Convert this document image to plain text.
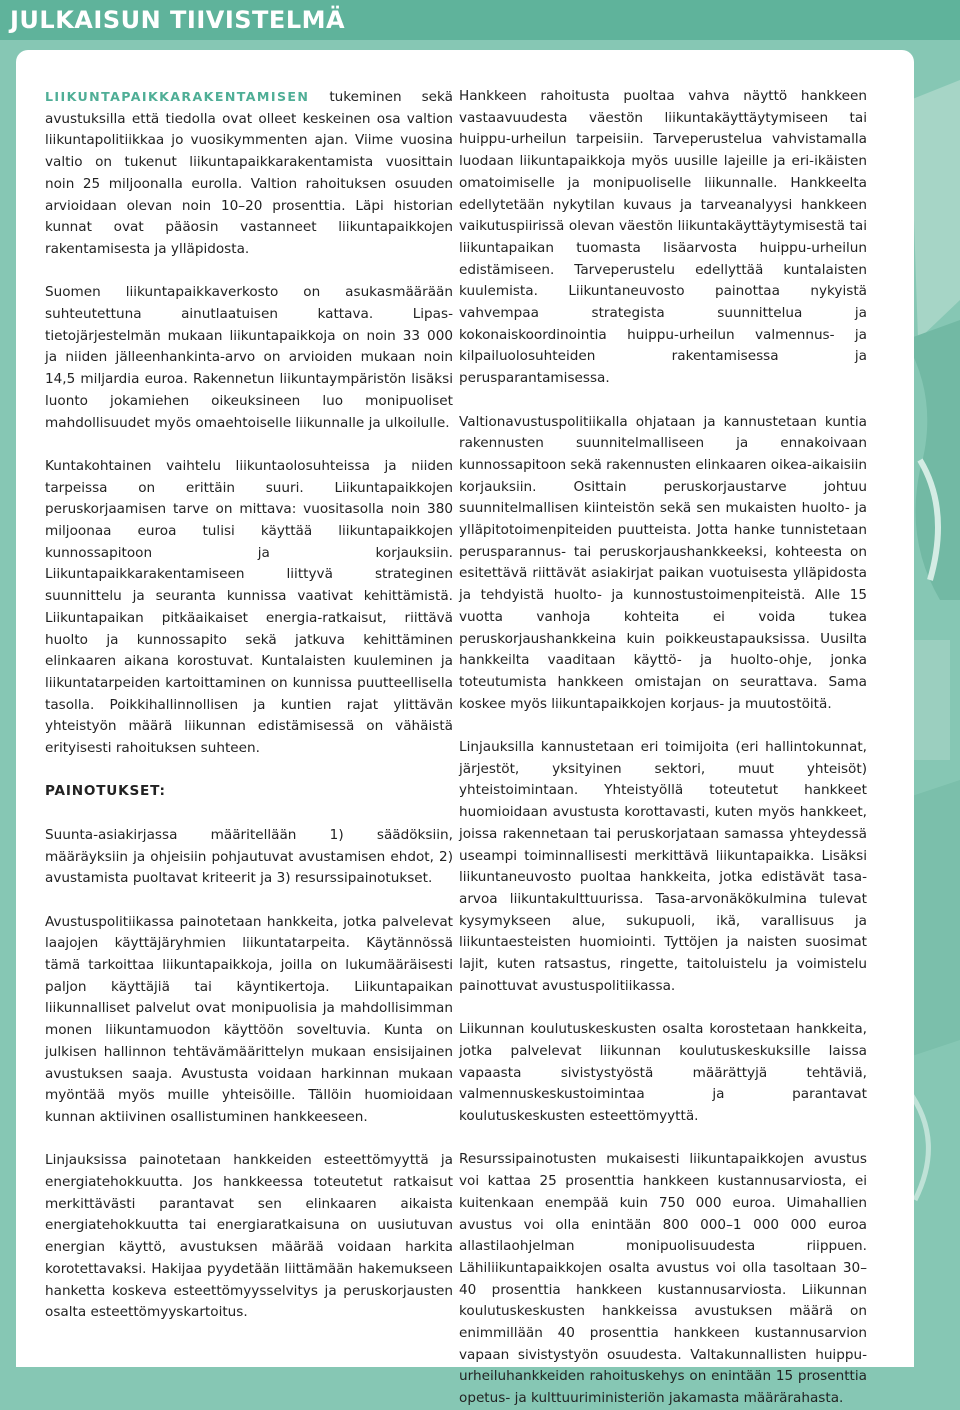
JULKAISUN TIIVISTELMÄ

LIIKUNTAPAIKKARAKENTAMISEN tukeminen sekä avustuksilla että tiedolla ovat olleet keskeinen osa valtion liikuntapolitiikkaa jo vuosikymmenten ajan. Viime vuosina valtio on tukenut liikuntapaikkarakentamista vuosittain noin 25 miljoonalla eurolla. Valtion rahoituksen osuuden arvioidaan olevan noin 10–20 prosenttia. Läpi historian kunnat ovat pääosin vastanneet liikuntapaikkojen rakentamisesta ja ylläpidosta.

Suomen liikuntapaikkaverkosto on asukasmäärään suhteutettuna ainutlaatuisen kattava. Lipas-tietojärjestelmän mukaan liikuntapaikkoja on noin 33 000 ja niiden jälleenhankinta-arvo on arvioiden mukaan noin 14,5 miljardia euroa. Rakennetun liikuntaympäristön lisäksi luonto jokamiehen oikeuksineen luo monipuoliset mahdollisuudet myös omaehtoiselle liikunnalle ja ulkoilulle.

Kuntakohtainen vaihtelu liikuntaolosuhteissa ja niiden tarpeissa on erittäin suuri. Liikuntapaikkojen peruskorjaamisen tarve on mittava: vuositasolla noin 380 miljoonaa euroa tulisi käyttää liikuntapaikkojen kunnossapitoon ja korjauksiin. Liikuntapaikkarakentamiseen liittyvä strateginen suunnittelu ja seuranta kunnissa vaativat kehittämistä. Liikuntapaikan pitkäaikaiset energia-ratkaisut, riittävä huolto ja kunnossapito sekä jatkuva kehittäminen elinkaaren aikana korostuvat. Kuntalaisten kuuleminen ja liikuntatarpeiden kartoittaminen on kunnissa puutteellisella tasolla. Poikkihallinnollisen ja kuntien rajat ylittävän yhteistyön määrä liikunnan edistämisessä on vähäistä erityisesti rahoituksen suhteen.

PAINOTUKSET:

Suunta-asiakirjassa määritellään 1) säädöksiin, määräyksiin ja ohjeisiin pohjautuvat avustamisen ehdot, 2) avustamista puoltavat kriteerit ja 3) resurssipainotukset.

Avustuspolitiikassa painotetaan hankkeita, jotka palvelevat laajojen käyttäjäryhmien liikuntatarpeita. Käytännössä tämä tarkoittaa liikuntapaikkoja, joilla on lukumääräisesti paljon käyttäjiä tai käyntikertoja. Liikuntapaikan liikunnalliset palvelut ovat monipuolisia ja mahdollisimman monen liikuntamuodon käyttöön soveltuvia. Kunta on julkisen hallinnon tehtävämäärittelyn mukaan ensisijainen avustuksen saaja. Avustusta voidaan harkinnan mukaan myöntää myös muille yhteisöille. Tällöin huomioidaan kunnan aktiivinen osallistuminen hankkeeseen.

Linjauksissa painotetaan hankkeiden esteettömyyttä ja energiatehokkuutta. Jos hankkeessa toteutetut ratkaisut merkittävästi parantavat sen elinkaaren aikaista energiatehokkuutta tai energiaratkaisuna on uusiutuvan energian käyttö, avustuksen määrää voidaan harkita korotettavaksi. Hakijaa pyydetään liittämään hakemukseen hanketta koskeva esteettömyysselvitys ja peruskorjausten osalta esteettömyyskartoitus.

Hankkeen rahoitusta puoltaa vahva näyttö hankkeen vastaavuudesta väestön liikuntakäyttäytymiseen tai huippu-urheilun tarpeisiin. Tarveperustelua vahvistamalla luodaan liikuntapaikkoja myös uusille lajeille ja eri-ikäisten omatoimiselle ja monipuoliselle liikunnalle. Hankkeelta edellytetään nykytilan kuvaus ja tarveanalyysi hankkeen vaikutuspiirissä olevan väestön liikuntakäyttäytymisestä tai liikuntapaikan tuomasta lisäarvosta huippu-urheilun edistämiseen. Tarveperustelu edellyttää kuntalaisten kuulemista. Liikuntaneuvosto painottaa nykyistä vahvempaa strategista suunnittelua ja kokonaiskoordinointia huippu-urheilun valmennus- ja kilpailuolosuhteiden rakentamisessa ja perusparantamisessa.

Valtionavustuspolitiikalla ohjataan ja kannustetaan kuntia rakennusten suunnitelmalliseen ja ennakoivaan kunnossapitoon sekä rakennusten elinkaaren oikea-aikaisiin korjauksiin. Osittain peruskorjaustarve johtuu suunnitelmallisen kiinteistön sekä sen mukaisten huolto- ja ylläpitotoimenpiteiden puutteista. Jotta hanke tunnistetaan perusparannus- tai peruskorjaushankkeeksi, kohteesta on esitettävä riittävät asiakirjat paikan vuotuisesta ylläpidosta ja tehdyistä huolto- ja kunnostustoimenpiteistä. Alle 15 vuotta vanhoja kohteita ei voida tukea peruskorjaushankkeina kuin poikkeustapauksissa. Uusilta hankkeilta vaaditaan käyttö- ja huolto-ohje, jonka toteutumista hankkeen omistajan on seurattava. Sama koskee myös liikuntapaikkojen korjaus- ja muutostöitä.

Linjauksilla kannustetaan eri toimijoita (eri hallintokunnat, järjestöt, yksityinen sektori, muut yhteisöt) yhteistoimintaan. Yhteistyöllä toteutetut hankkeet huomioidaan avustusta korottavasti, kuten myös hankkeet, joissa rakennetaan tai peruskorjataan samassa yhteydessä useampi toiminnallisesti merkittävä liikuntapaikka. Lisäksi liikuntaneuvosto puoltaa hankkeita, jotka edistävät tasa-arvoa liikuntakulttuurissa. Tasa-arvonäkökulmina tulevat kysymykseen alue, sukupuoli, ikä, varallisuus ja liikuntaesteisten huomiointi. Tyttöjen ja naisten suosimat lajit, kuten ratsastus, ringette, taitoluistelu ja voimistelu painottuvat avustuspolitiikassa.

Liikunnan koulutuskeskusten osalta korostetaan hankkeita, jotka palvelevat liikunnan koulutuskeskuksille laissa vapaasta sivistystyöstä määrättyjä tehtäviä, valmennuskeskustoimintaa ja parantavat koulutuskeskusten esteettömyyttä.

Resurssipainotusten mukaisesti liikuntapaikkojen avustus voi kattaa 25 prosenttia hankkeen kustannusarviosta, ei kuitenkaan enempää kuin 750 000 euroa. Uimahallien avustus voi olla enintään 800 000–1 000 000 euroa allastilaohjelman monipuolisuudesta riippuen. Lähiliikuntapaikkojen osalta avustus voi olla tasoltaan 30–40 prosenttia hankkeen kustannusarviosta. Liikunnan koulutuskeskusten hankkeissa avustuksen määrä on enimmillään 40 prosenttia hankkeen kustannusarvion vapaan sivistystyön osuudesta. Valtakunnallisten huippu-urheiluhankkeiden rahoituskehys on enintään 15 prosenttia opetus- ja kulttuuriministeriön jakamasta määrärahasta.
